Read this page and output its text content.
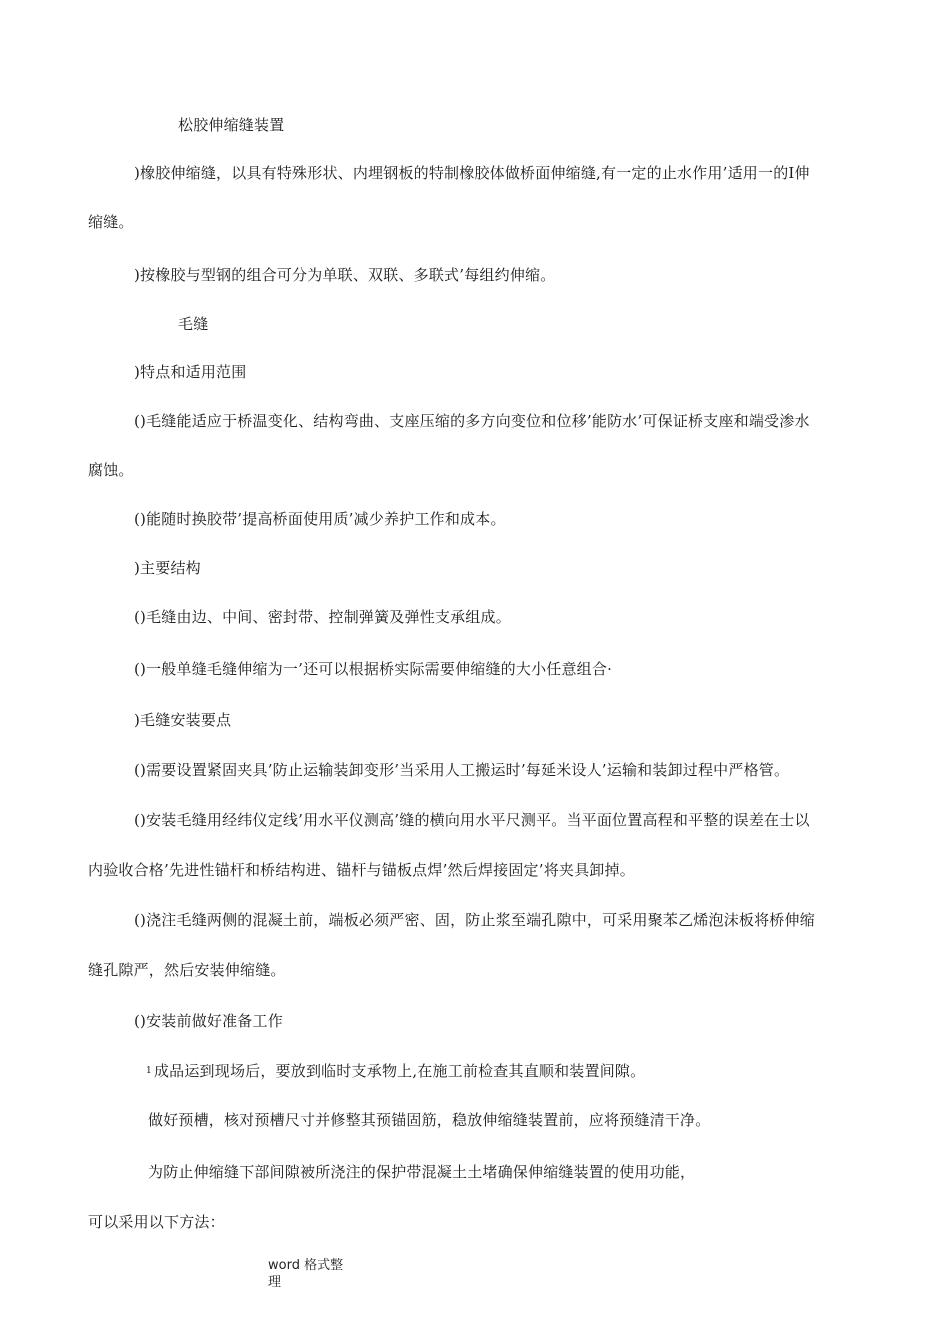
松胶伸缩缝装置
)橡胶伸缩缝，以具有特殊形状、内埋钢板的特制橡胶体做桥面伸缩缝,有一定的止水作用’适用一的Ⅰ伸
缩缝。
)按橡胶与型钢的组合可分为单联、双联、多联式’每组约伸缩。
毛缝
)特点和适用范围
()毛缝能适应于桥温变化、结构弯曲、支座压缩的多方向变位和位移’能防水’可保证桥支座和端受渗水
腐蚀。
()能随时换胶带’提高桥面使用质’减少养护工作和成本。
)主要结构
()毛缝由边、中间、密封带、控制弹簧及弹性支承组成。
()一般单缝毛缝伸缩为一’还可以根据桥实际需要伸缩缝的大小任意组合·
)毛缝安装要点
()需要设置紧固夹具’防止运输装卸变形’当采用人工搬运时’每延米设人’运输和装卸过程中严格管。
()安装毛缝用经纬仪定线’用水平仪测高’缝的横向用水平尺测平。当平面位置高程和平整的误差在士以
内验收合格’先进性锚杆和桥结构进、锚杆与锚板点焊’然后焊接固定’将夹具卸掉。
()浇注毛缝两侧的混凝土前，端板必须严密、固，防止浆至端孔隙中，可采用聚苯乙烯泡沫板将桥伸缩
缝孔隙严，然后安装伸缩缝。
()安装前做好准备工作
$^1$ 成品运到现场后，要放到临时支承物上,在施工前检查其直顺和装置间隙。
做好预槽，核对预槽尺寸并修整其预锚固筋，稳放伸缩缝装置前，应将预缝清干净。
为防止伸缩缝下部间隙被所浇注的保护带混凝土土堵确保伸缩缝装置的使用功能，
可以采用以下方法：
word 格式整
理
